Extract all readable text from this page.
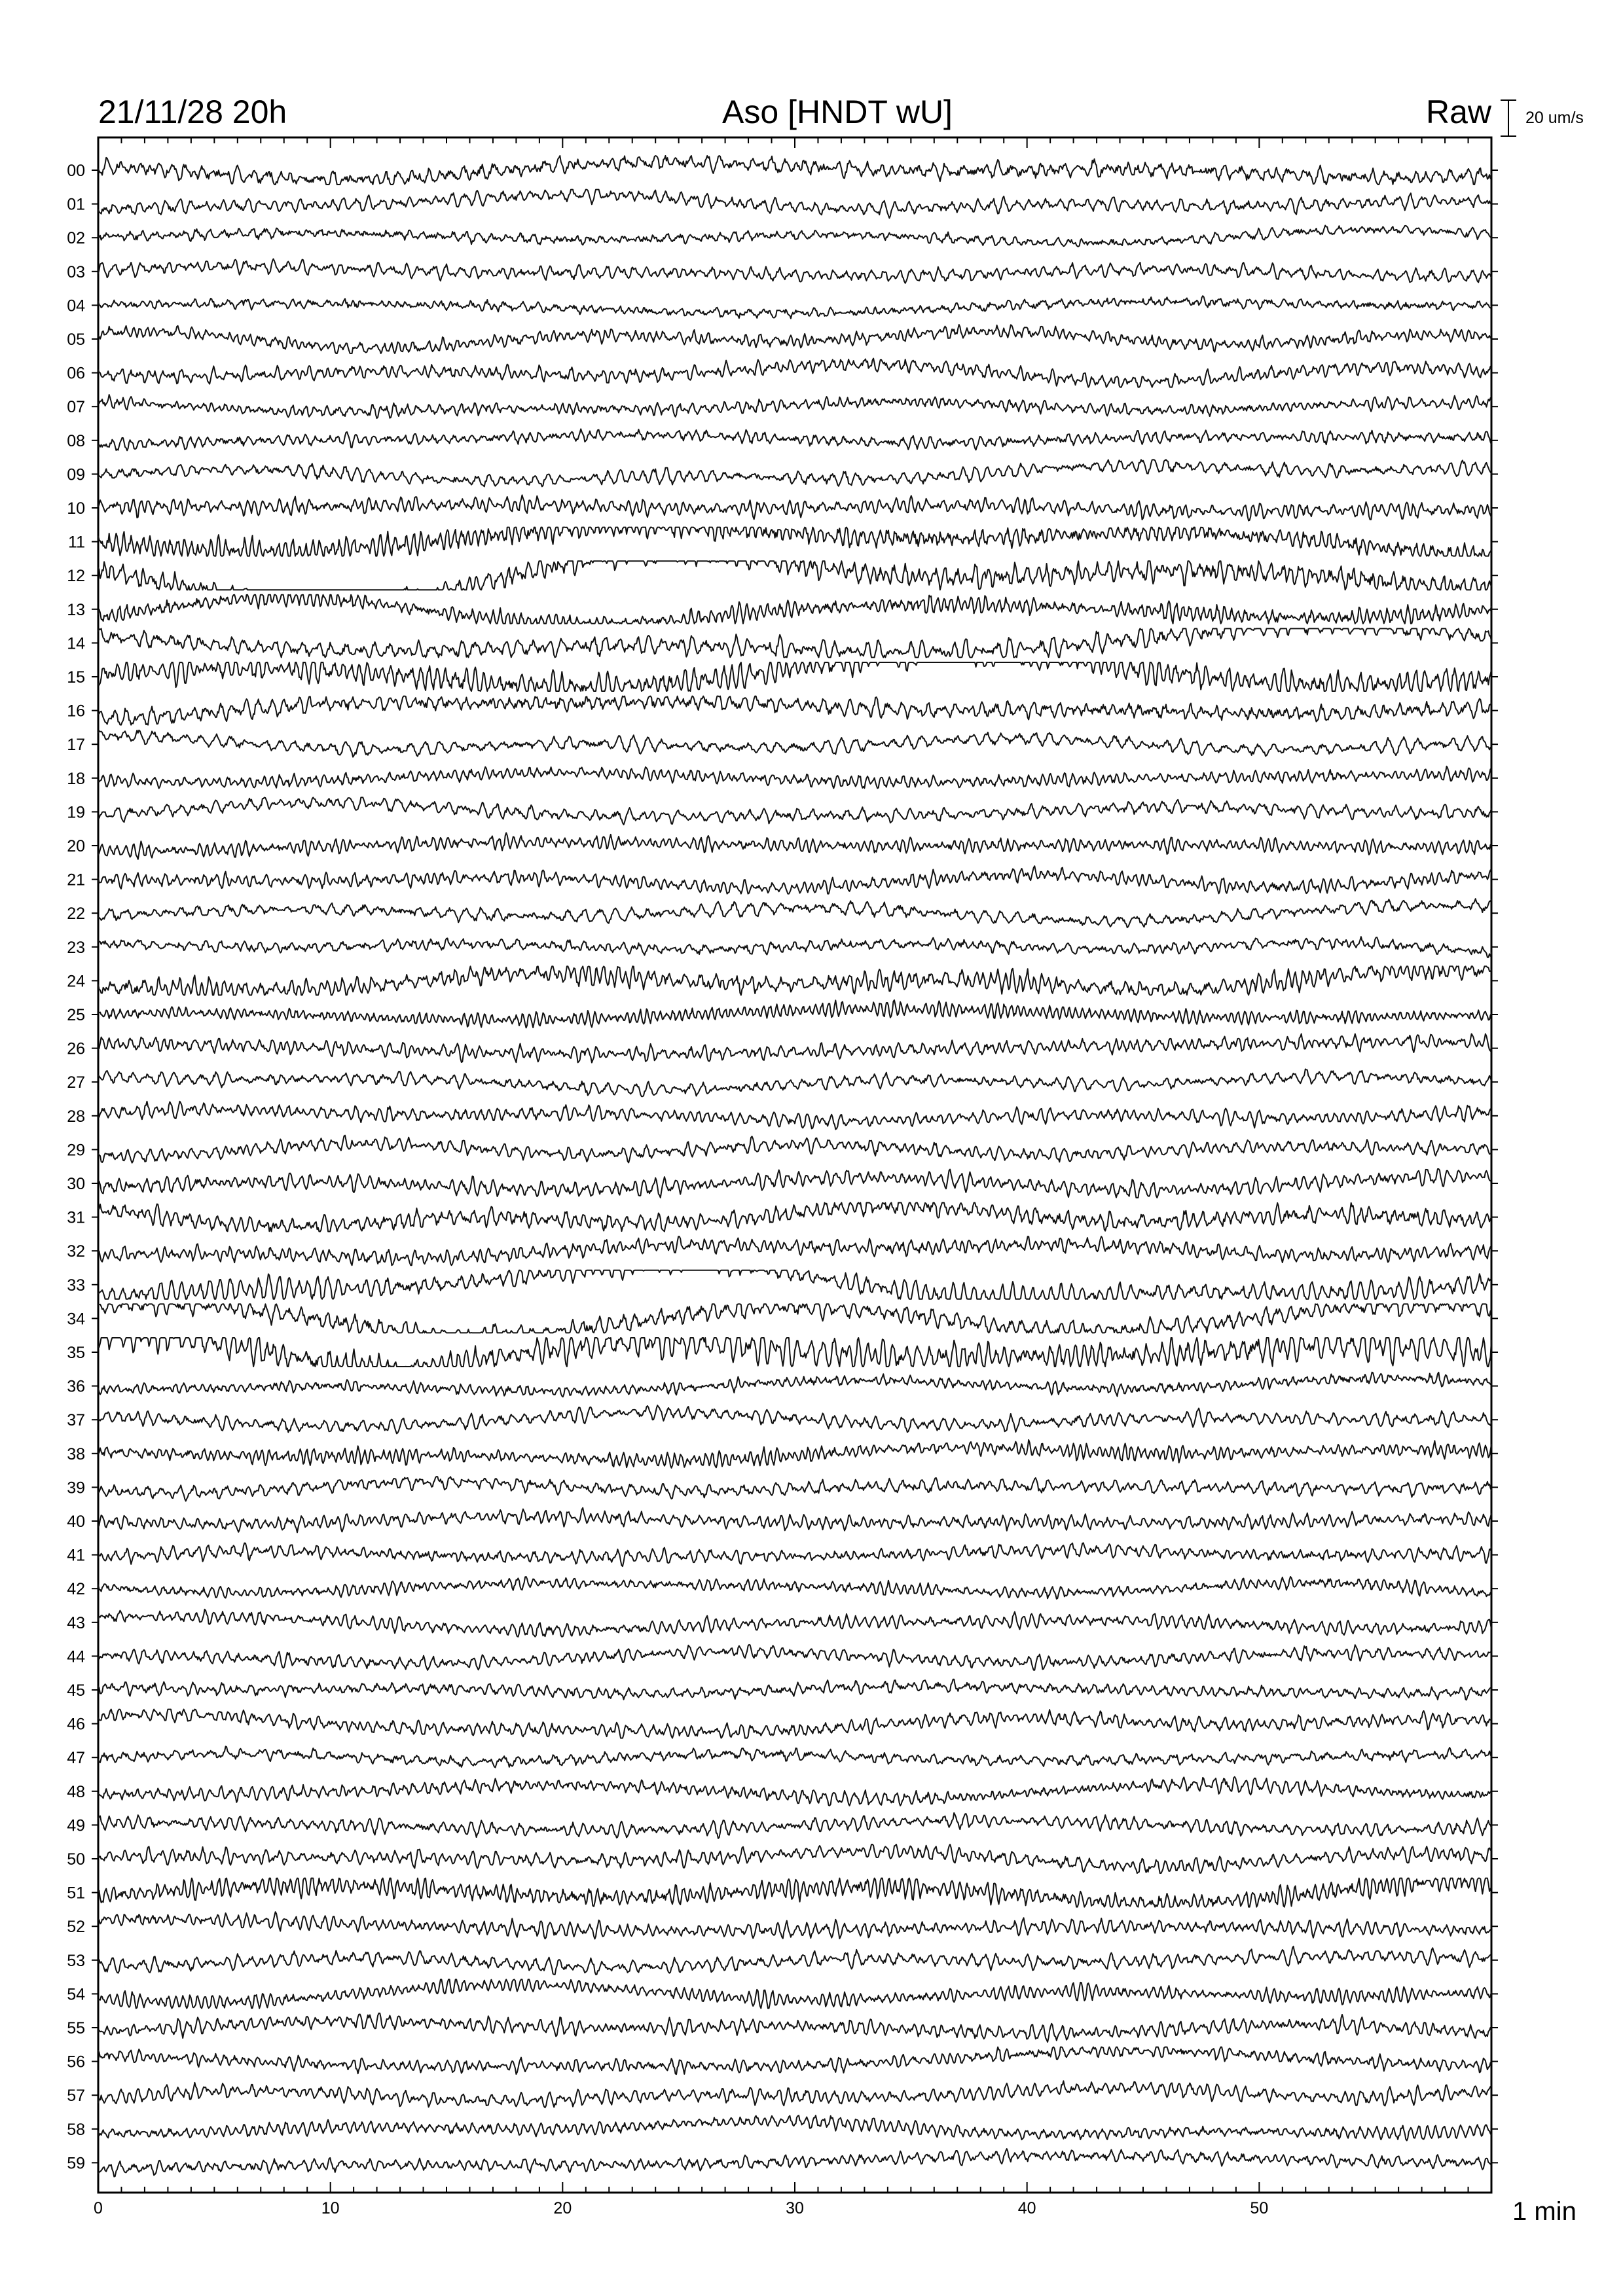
21/11/28 20h	Aso [HNDT wU]	Raw 20 um/s
00
01
02
03
04
05
06
07
08
09
10
11
12
13
14
15
16
17
18
19
20
21
22
23
24
25
26
27
28
29
30
31
32
33
34
35
36
37
38
39
40
41
42
43
44
45
46
47
48
49
50
51
52
53
54
55
56
57
58
59
0	10	20	30	40	50	1 min
